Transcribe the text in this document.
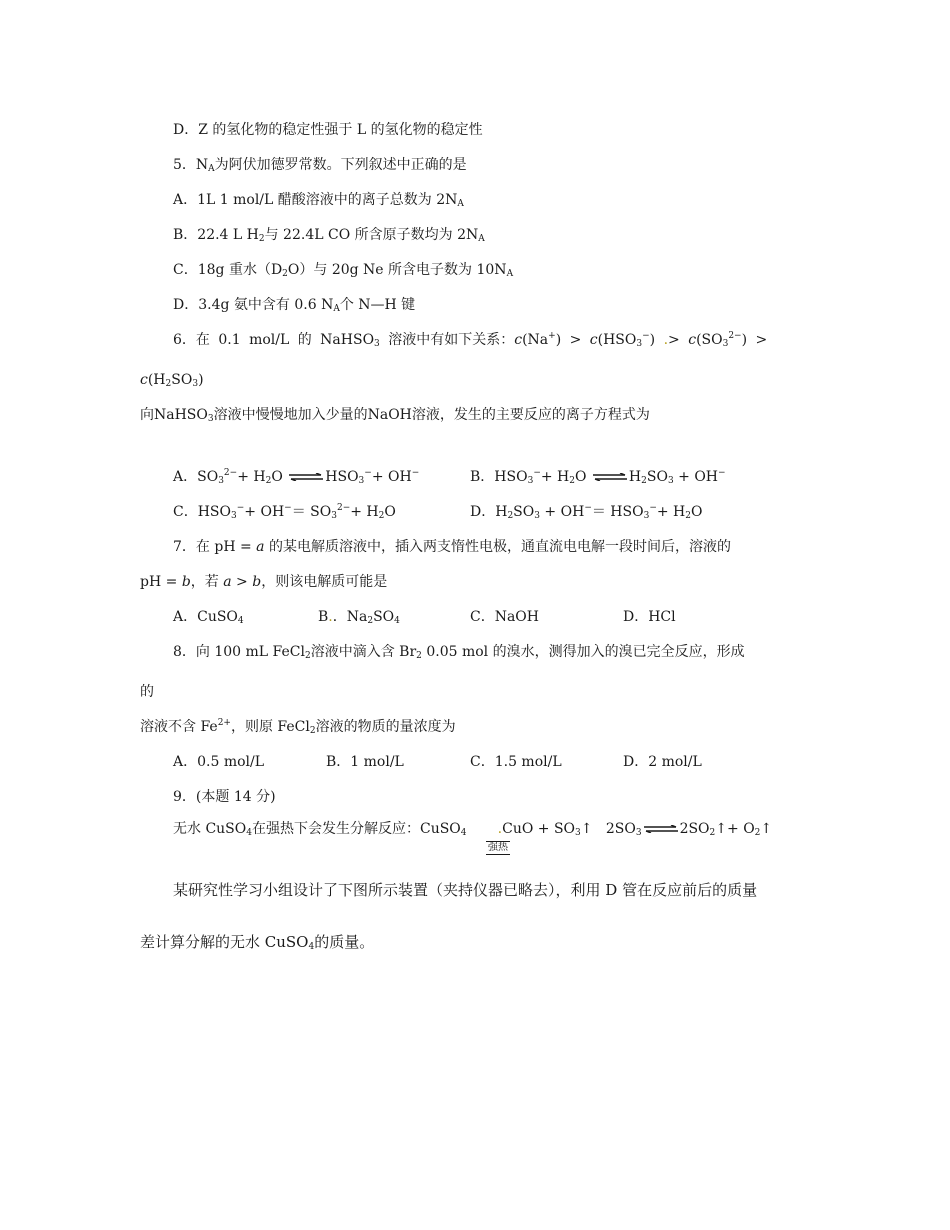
D．Z 的氢化物的稳定性强于 L 的氢化物的稳定性
5．$N_A$为阿伏加德罗常数。下列叙述中正确的是
A．1L 1 mol/L 醋酸溶液中的离子总数为 $2N_A$
B．22.4 L $H_2$与 22.4L CO 所含原子数均为 $2N_A$
C．18g 重水$(D_2O)$与 20g Ne 所含电子数为 $10N_A$
D．3.4g 氨中含有 0.6 $N_A$个 N—H 键
6．在 0.1 mol/L 的 NaHSO$_3$ 溶液中有如下关系：$c(Na^+) > c(HSO_3^-)$ .> $c(SO_3^{2-})$ >
$c(H_2SO_3)$
向NaHSO$_3$溶液中慢慢地加入少量的NaOH溶液，发生的主要反应的离子方程式为
A．$SO_3^{2-}+ H_2O$ ⇌ $HSO_3^-+ OH^-$	B．$HSO_3^-+ H_2O$ ⇌ $H_2SO_3 + OH^-$
C．$HSO_3^-+ OH^-= SO_3^{2-}+ H_2O$	D．$H_2SO_3 + OH^-= HSO_3^-+ H_2O$
7．在 pH = a 的某电解质溶液中，插入两支惰性电极，通直流电电解一段时间后，溶液的
pH = b，若 a > b，则该电解质可能是
A．CuSO$_4$	B.．$Na_2SO_4$	C．NaOH	D．HCl
8．向 100 mL FeCl$_2$溶液中滴入含 $Br_2$ 0.05 mol 的溴水，测得加入的溴已完全反应，形成
的
溶液不含 $Fe^{2+}$，则原 FeCl$_2$溶液的物质的量浓度为
A．0.5 mol/L	B．1 mol/L	C．1.5 mol/L	D．2 mol/L
9．(本题 14 分)
无水 CuSO$_4$在强热下会发生分解反应：CuSO$_4$ $.CuO + SO_3↑$   $2SO_3$ ⇌ $2SO_2↑+$ $O_2↑$
强热
某研究性学习小组设计了下图所示装置（夹持仪器已略去），利用 D 管在反应前后的质量
差计算分解的无水 CuSO$_4$的质量。
